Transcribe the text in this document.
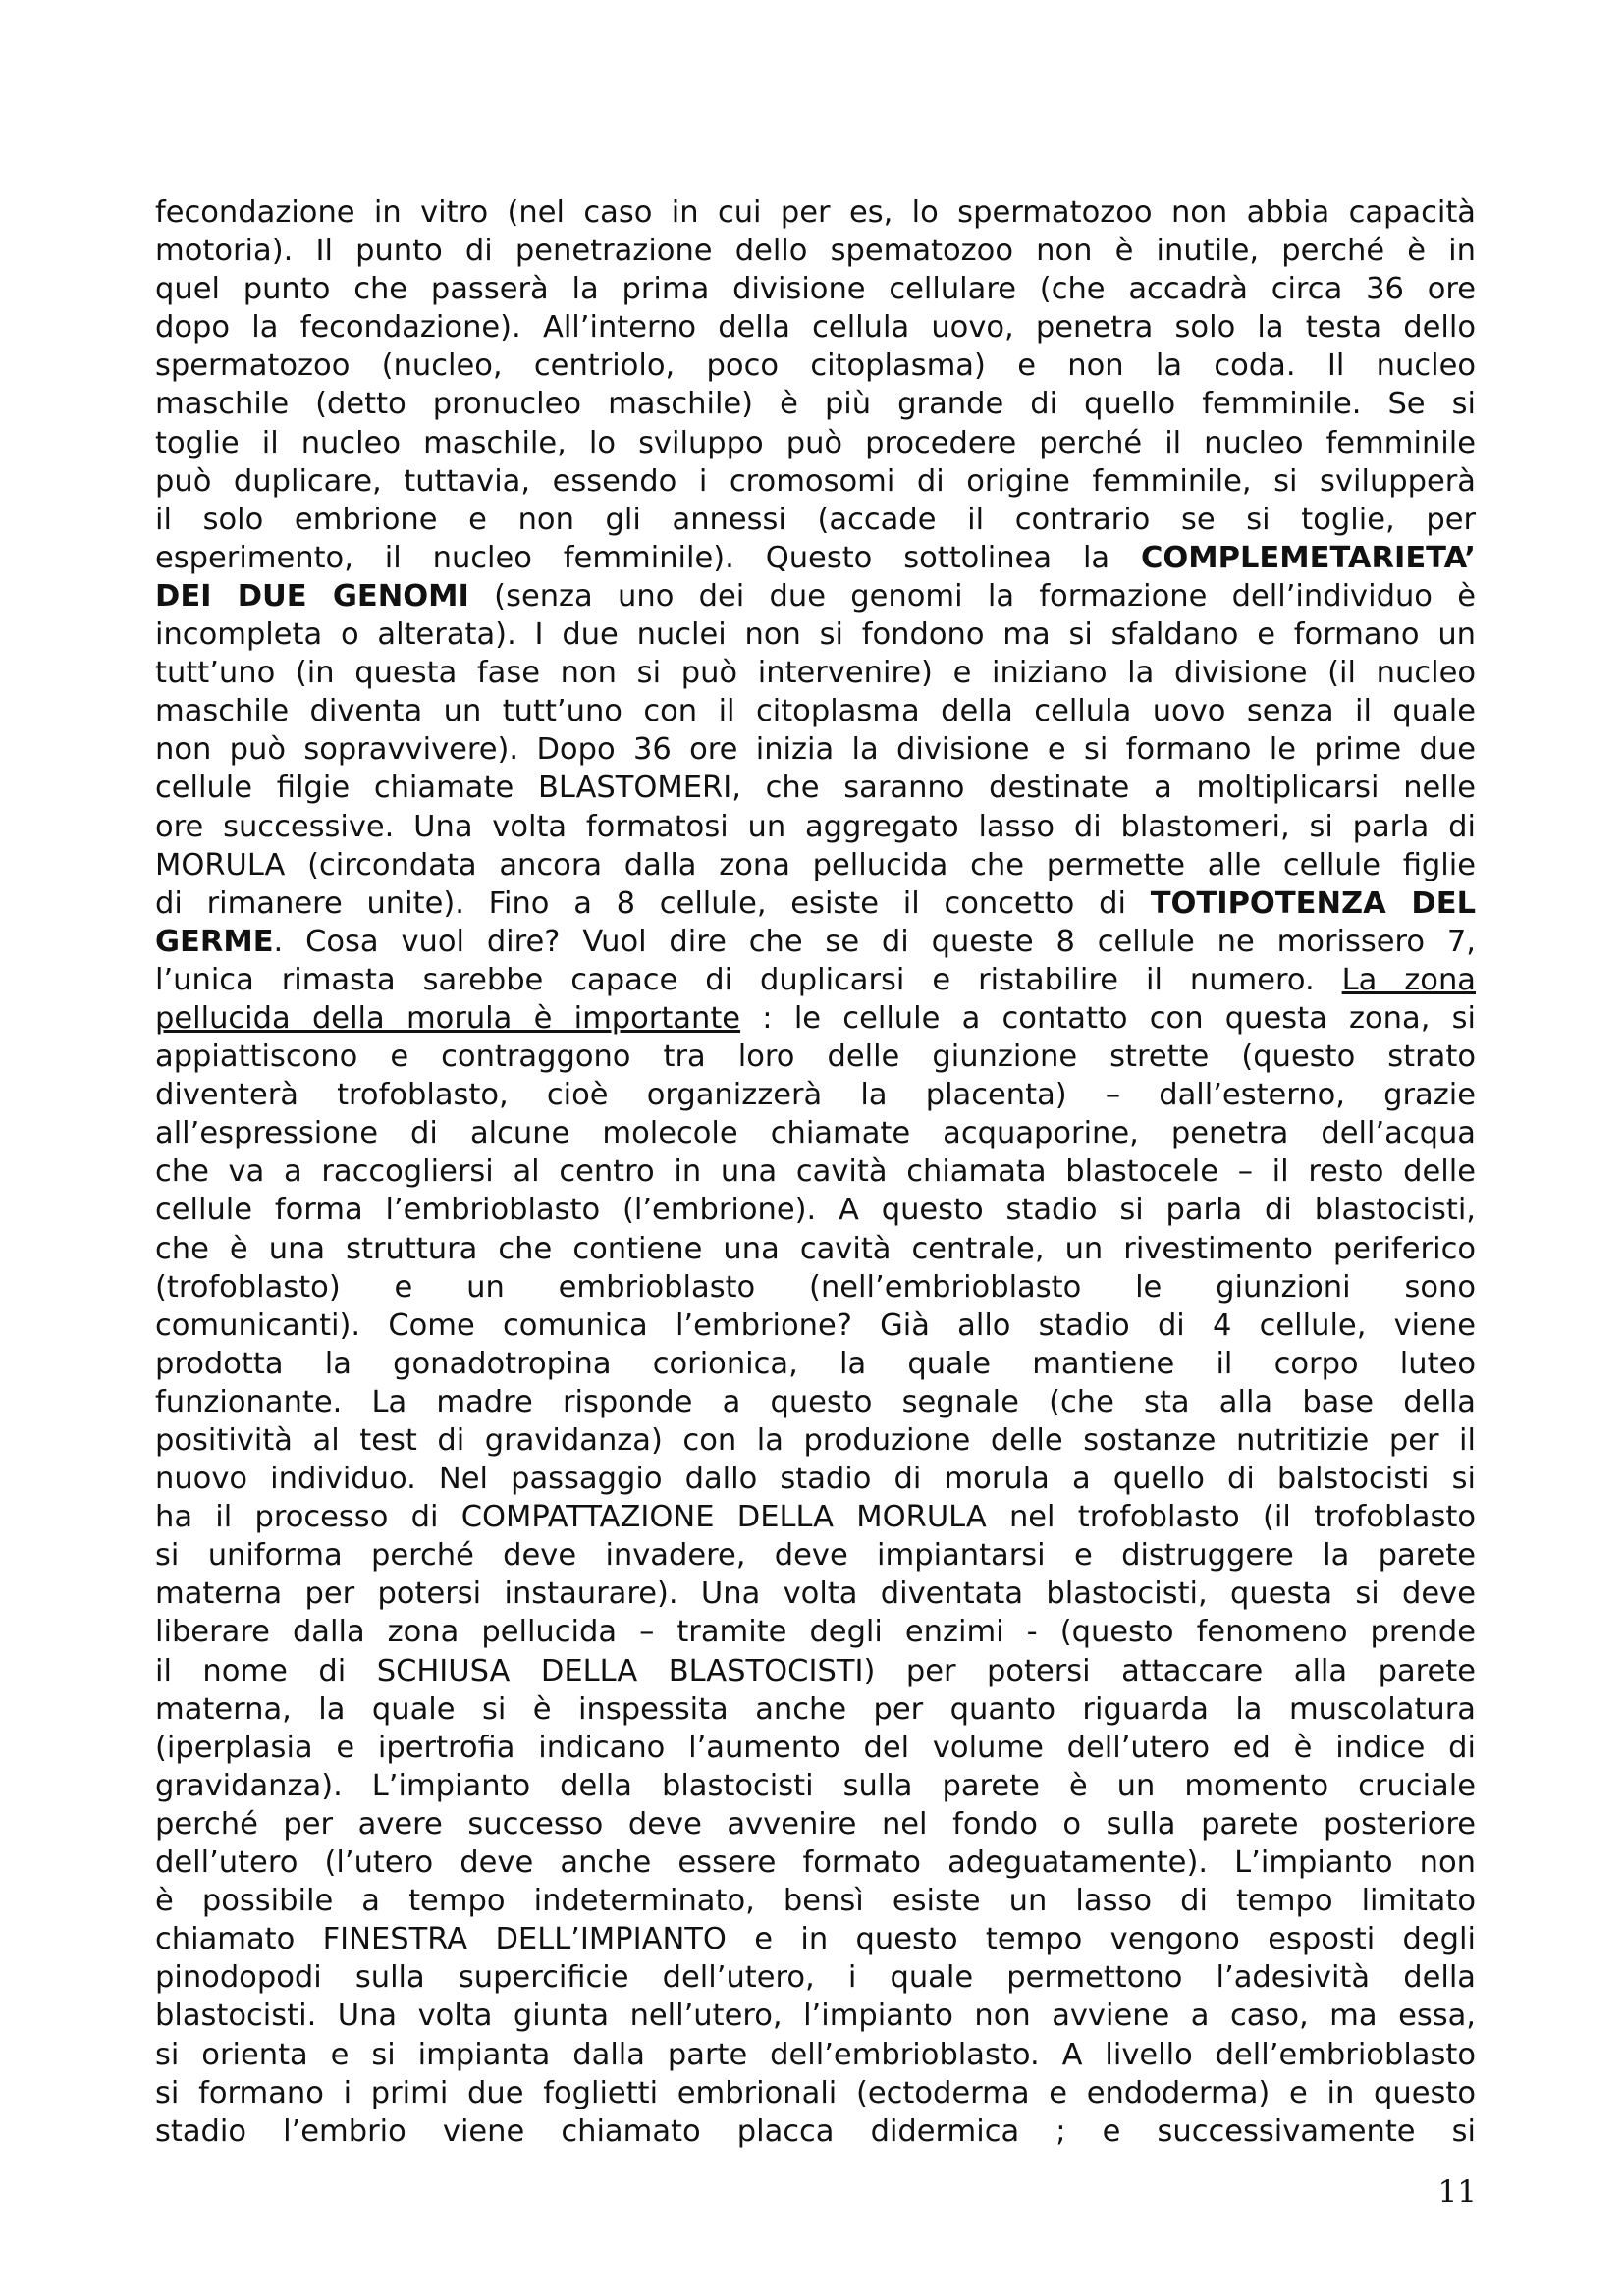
fecondazione in vitro (nel caso in cui per es, lo spermatozoo non abbia capacità
motoria). Il punto di penetrazione dello spematozoo non è inutile, perché è in
quel punto che passerà la prima divisione cellulare (che accadrà circa 36 ore
dopo la fecondazione). All’interno della cellula uovo, penetra solo la testa dello
spermatozoo (nucleo, centriolo, poco citoplasma) e non la coda. Il nucleo
maschile (detto pronucleo maschile) è più grande di quello femminile. Se si
toglie il nucleo maschile, lo sviluppo può procedere perché il nucleo femminile
può duplicare, tuttavia, essendo i cromosomi di origine femminile, si svilupperà
il solo embrione e non gli annessi (accade il contrario se si toglie, per
esperimento, il nucleo femminile). Questo sottolinea la COMPLEMETARIETA’
DEI DUE GENOMI (senza uno dei due genomi la formazione dell’individuo è
incompleta o alterata). I due nuclei non si fondono ma si sfaldano e formano un
tutt’uno (in questa fase non si può intervenire) e iniziano la divisione (il nucleo
maschile diventa un tutt’uno con il citoplasma della cellula uovo senza il quale
non può sopravvivere). Dopo 36 ore inizia la divisione e si formano le prime due
cellule filgie chiamate BLASTOMERI, che saranno destinate a moltiplicarsi nelle
ore successive. Una volta formatosi un aggregato lasso di blastomeri, si parla di
MORULA (circondata ancora dalla zona pellucida che permette alle cellule figlie
di rimanere unite). Fino a 8 cellule, esiste il concetto di TOTIPOTENZA DEL
GERME. Cosa vuol dire? Vuol dire che se di queste 8 cellule ne morissero 7,
l’unica rimasta sarebbe capace di duplicarsi e ristabilire il numero. La zona
pellucida della morula è importante : le cellule a contatto con questa zona, si
appiattiscono e contraggono tra loro delle giunzione strette (questo strato
diventerà trofoblasto, cioè organizzerà la placenta) – dall’esterno, grazie
all’espressione di alcune molecole chiamate acquaporine, penetra dell’acqua
che va a raccogliersi al centro in una cavità chiamata blastocele – il resto delle
cellule forma l’embrioblasto (l’embrione). A questo stadio si parla di blastocisti,
che è una struttura che contiene una cavità centrale, un rivestimento periferico
(trofoblasto) e un embrioblasto (nell’embrioblasto le giunzioni sono
comunicanti). Come comunica l’embrione? Già allo stadio di 4 cellule, viene
prodotta la gonadotropina corionica, la quale mantiene il corpo luteo
funzionante. La madre risponde a questo segnale (che sta alla base della
positività al test di gravidanza) con la produzione delle sostanze nutritizie per il
nuovo individuo. Nel passaggio dallo stadio di morula a quello di balstocisti si
ha il processo di COMPATTAZIONE DELLA MORULA nel trofoblasto (il trofoblasto
si uniforma perché deve invadere, deve impiantarsi e distruggere la parete
materna per potersi instaurare). Una volta diventata blastocisti, questa si deve
liberare dalla zona pellucida – tramite degli enzimi - (questo fenomeno prende
il nome di SCHIUSA DELLA BLASTOCISTI) per potersi attaccare alla parete
materna, la quale si è inspessita anche per quanto riguarda la muscolatura
(iperplasia e ipertrofia indicano l’aumento del volume dell’utero ed è indice di
gravidanza). L’impianto della blastocisti sulla parete è un momento cruciale
perché per avere successo deve avvenire nel fondo o sulla parete posteriore
dell’utero (l’utero deve anche essere formato adeguatamente). L’impianto non
è possibile a tempo indeterminato, bensì esiste un lasso di tempo limitato
chiamato FINESTRA DELL’IMPIANTO e in questo tempo vengono esposti degli
pinodopodi sulla supercificie dell’utero, i quale permettono l’adesività della
blastocisti. Una volta giunta nell’utero, l’impianto non avviene a caso, ma essa,
si orienta e si impianta dalla parte dell’embrioblasto. A livello dell’embrioblasto
si formano i primi due foglietti embrionali (ectoderma e endoderma) e in questo
stadio l’embrio viene chiamato placca didermica ; e successivamente si
11
